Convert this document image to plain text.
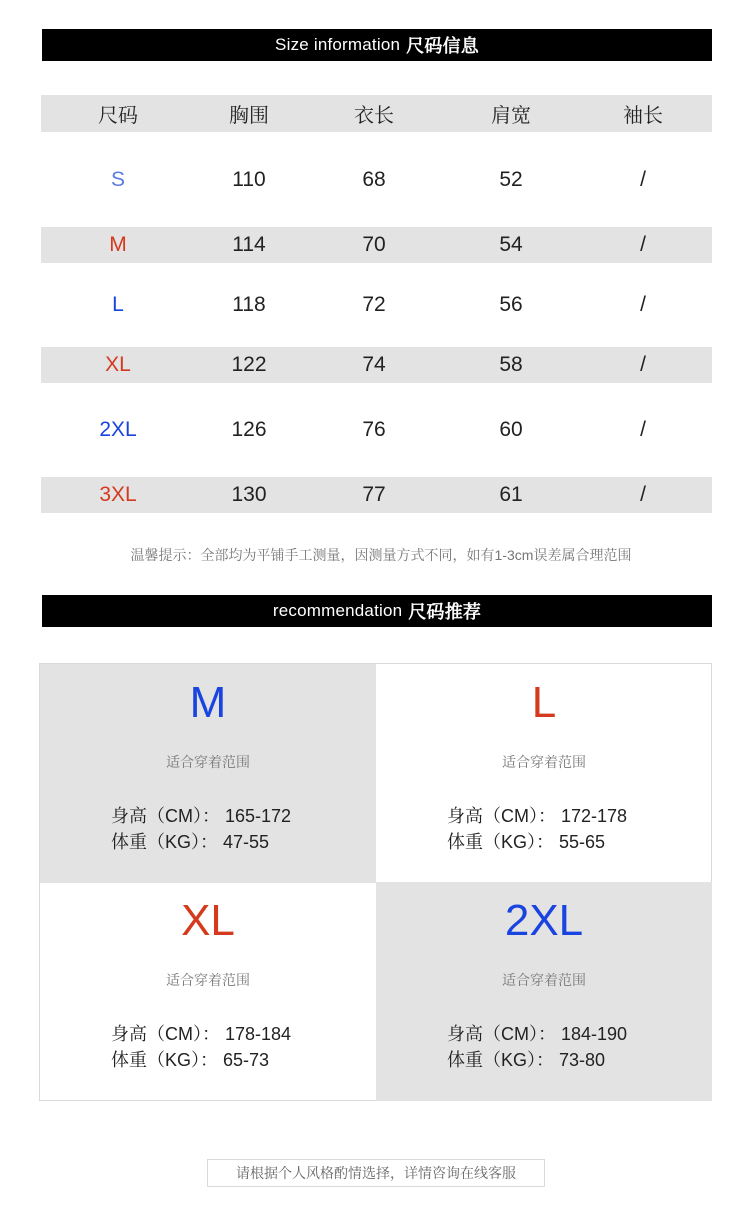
Size information 尺码信息
尺码	胸围	衣长	肩宽	袖长
S	110	68	52	/
M	114	70	54	/
L	118	72	56	/
XL	122	74	58	/
2XL	126	76	60	/
3XL	130	77	61	/
温馨提示：全部均为平铺手工测量，因测量方式不同，如有1-3cm误差属合理范围
recommendation 尺码推荐
M
适合穿着范围
身高（CM）： 165-172
体重（KG）： 47-55
L
适合穿着范围
身高（CM）： 172-178
体重（KG）： 55-65
XL
适合穿着范围
身高（CM）： 178-184
体重（KG）： 65-73
2XL
适合穿着范围
身高（CM）： 184-190
体重（KG）： 73-80
请根据个人风格酌情选择，详情咨询在线客服
